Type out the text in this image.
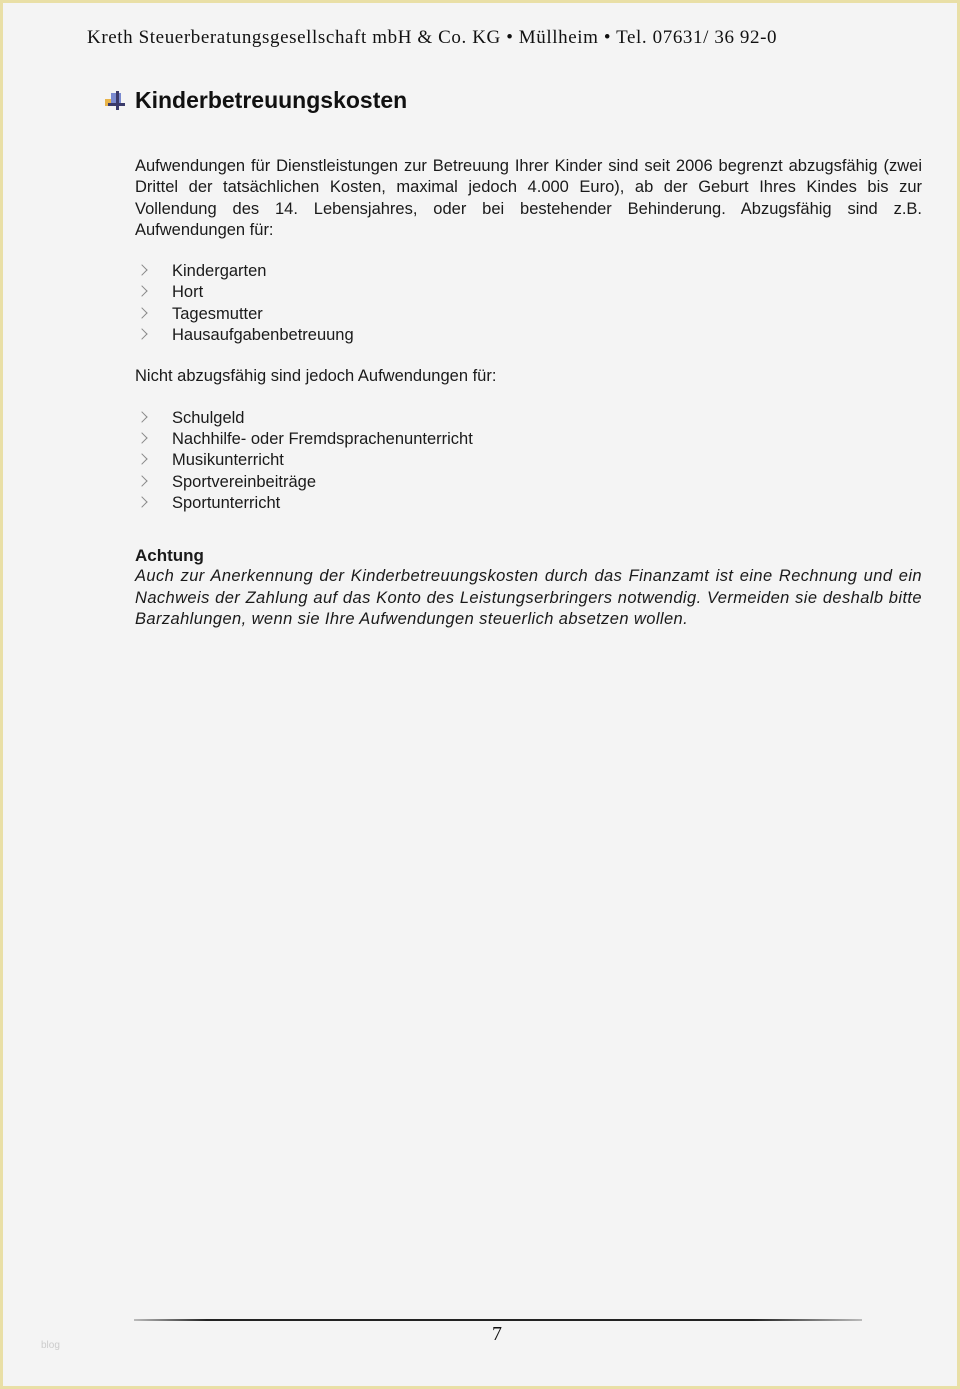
Kreth Steuerberatungsgesellschaft mbH & Co. KG • Müllheim • Tel. 07631/ 36 92-0
Kinderbetreuungskosten

Aufwendungen für Dienstleistungen zur Betreuung Ihrer Kinder sind seit 2006 begrenzt abzugsfähig (zwei Drittel der tatsächlichen Kosten, maximal jedoch 4.000 Euro), ab der Geburt Ihres Kindes bis zur Vollendung des 14. Lebensjahres, oder bei bestehender Behinderung. Abzugsfähig sind z.B. Aufwendungen für:

Kindergarten
Hort
Tagesmutter
Hausaufgabenbetreuung

Nicht abzugsfähig sind jedoch Aufwendungen für:

Schulgeld
Nachhilfe- oder Fremdsprachenunterricht
Musikunterricht
Sportvereinbeiträge
Sportunterricht

Achtung

Auch zur Anerkennung der Kinderbetreuungskosten durch das Finanzamt ist eine Rechnung und ein Nachweis der Zahlung auf das Konto des Leistungserbringers notwendig. Vermeiden sie deshalb bitte Barzahlungen, wenn sie Ihre Aufwendungen steuerlich absetzen wollen.

7
blog
